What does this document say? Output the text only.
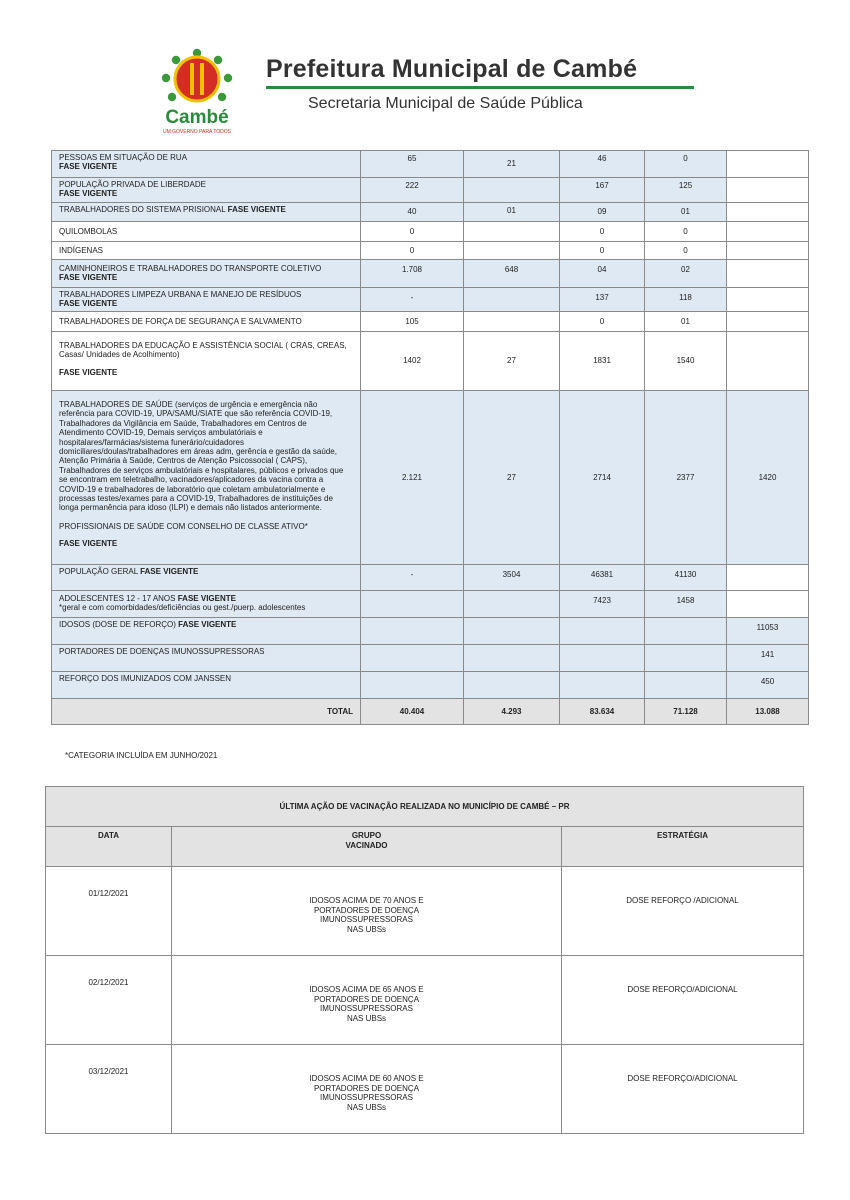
Cambé
UM GOVERNO PARA TODOS
Prefeitura Municipal de Cambé
Secretaria Municipal de Saúde Pública
PESSOAS EM SITUAÇÃO DE RUA
FASE VIGENTE	65	21	46	0	

POPULAÇÃO PRIVADA DE LIBERDADE
FASE VIGENTE	222		167	125	
TRABALHADORES DO SISTEMA PRISIONAL FASE VIGENTE	40	01	09	01	
QUILOMBOLAS	0		0	0	
INDÍGENAS	0		0	0	

CAMINHONEIROS E TRABALHADORES DO TRANSPORTE COLETIVO
FASE VIGENTE	1.708	648	04	02	

TRABALHADORES LIMPEZA URBANA E MANEJO DE RESÍDUOS
FASE VIGENTE	-		137	118	
TRABALHADORES DE FORÇA DE SEGURANÇA E SALVAMENTO	105		0	01	

TRABALHADORES DA EDUCAÇÃO E ASSISTÊNCIA SOCIAL ( CRAS, CREAS, Casas/ Unidades de Acolhimento)
FASE VIGENTE	1402	27	1831	1540	

TRABALHADORES DE SAÚDE (serviços de urgência e emergência não referência para COVID-19, UPA/SAMU/SIATE que são referência COVID-19, Trabalhadores da Vigilância em Saúde, Trabalhadores em Centros de Atendimento COVID-19, Demais serviços ambulatóriais e hospitalares/farmácias/sistema funerário/cuidadores domiciliares/doulas/trabalhadores em áreas adm, gerência e gestão da saúde, Atenção Primária à Saúde, Centros de Atenção Psicossocial ( CAPS), Trabalhadores de serviços ambulatóriais e hospitalares, públicos e privados que se encontram em teletrabalho, vacinadores/aplicadores da vacina contra a COVID-19 e trabalhadores de laboratório que coletam ambulatorialmente e processas testes/exames para a COVID-19, Trabalhadores de instituições de longa permanência para idoso (ILPI) e demais não listados anteriormente.
PROFISSIONAIS DE SAÚDE COM CONSELHO DE CLASSE ATIVO*
FASE VIGENTE	2.121	27	2714	2377	1420
POPULAÇÃO GERAL FASE VIGENTE	-	3504	46381	41130	

ADOLESCENTES 12 - 17 ANOS FASE VIGENTE
*geral e com comorbidades/deficiências ou gest./puerp. adolescentes			7423	1458	
IDOSOS (DOSE DE REFORÇO) FASE VIGENTE					11053
PORTADORES DE DOENÇAS IMUNOSSUPRESSORAS					141
REFORÇO DOS IMUNIZADOS COM JANSSEN					450
TOTAL	40.404	4.293	83.634	71.128	13.088
*CATEGORIA INCLUÍDA EM JUNHO/2021
ÚLTIMA AÇÃO DE VACINAÇÃO REALIZADA NO MUNICÍPIO DE CAMBÉ – PR		
DATA	GRUPO
VACINADO	ESTRATÉGIA

01/12/2021	IDOSOS ACIMA DE 70 ANOS E
PORTADORES DE DOENÇA
IMUNOSSUPRESSORAS
NAS UBSs	DOSE REFORÇO /ADICIONAL

02/12/2021	IDOSOS ACIMA DE 65 ANOS E
PORTADORES DE DOENÇA
IMUNOSSUPRESSORAS
NAS UBSs	DOSE REFORÇO/ADICIONAL

03/12/2021	IDOSOS ACIMA DE 60 ANOS E
PORTADORES DE DOENÇA
IMUNOSSUPRESSORAS
NAS UBSs	DOSE REFORÇO/ADICIONAL
